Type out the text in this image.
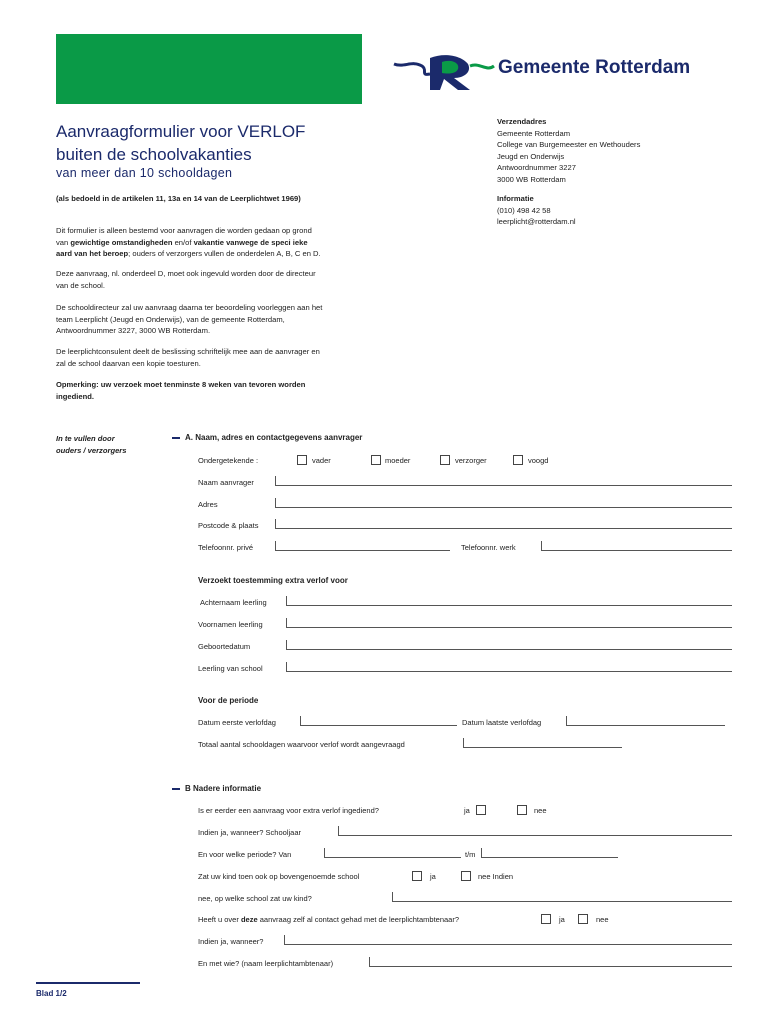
Gemeente Rotterdam
Aanvraagformulier voor VERLOF
buiten de schoolvakanties
van meer dan 10 schooldagen
(als bedoeld in de artikelen 11, 13a en 14 van de Leerplichtwet 1969)
Verzendadres
Gemeente Rotterdam
College van Burgemeester en Wethouders
Jeugd en Onderwijs
Antwoordnummer 3227
3000 WB Rotterdam
Informatie
(010) 498 42 58
leerplicht@rotterdam.nl
Dit formulier is alleen bestemd voor aanvragen die worden gedaan op grond
van gewichtige omstandigheden en/of vakantie vanwege de speci ieke
aard van het beroep; ouders of verzorgers vullen de onderdelen A, B, C en D.
Deze aanvraag, nl. onderdeel D, moet ook ingevuld worden door de directeur
van de school.
De schooldirecteur zal uw aanvraag daarna ter beoordeling voorleggen aan het
team Leerplicht (Jeugd en Onderwijs), van de gemeente Rotterdam,
Antwoordnummer 3227, 3000 WB Rotterdam.
De leerplichtconsulent deelt de beslissing schriftelijk mee aan de aanvrager en
zal de school daarvan een kopie toesturen.
Opmerking: uw verzoek moet tenminste 8 weken van tevoren worden
ingediend.
In te vullen door
ouders / verzorgers
A. Naam, adres en contactgegevens aanvrager
Ondergetekende :	vader	moeder	verzorger	voogd
Naam aanvrager
Adres
Postcode & plaats
Telefoonnr. privé	Telefoonnr. werk
Verzoekt toestemming extra verlof voor
Achternaam leerling
Voornamen leerling
Geboortedatum
Leerling van school
Voor de periode
Datum eerste verlofdag	Datum laatste verlofdag
Totaal aantal schooldagen waarvoor verlof wordt aangevraagd
B Nadere informatie
Is er eerder een aanvraag voor extra verlof ingediend?	ja	nee
Indien ja, wanneer? Schooljaar
En voor welke periode? Van	t/m
Zat uw kind toen ook op bovengenoemde school	ja	nee Indien
nee, op welke school zat uw kind?
Heeft u over deze aanvraag zelf al contact gehad met de leerplichtambtenaar?	ja	nee
Indien ja, wanneer?
En met wie? (naam leerplichtambtenaar)
Blad 1/2
